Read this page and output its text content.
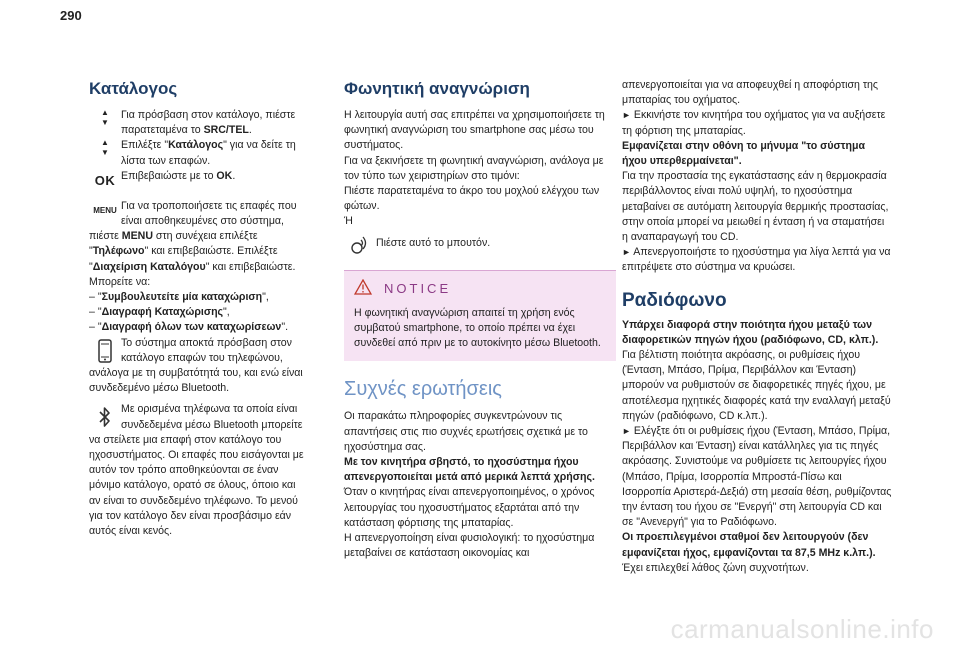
290
Κατάλογος
▲
▼
Για πρόσβαση στον κατάλογο, πιέστε παρατεταμένα το SRC/TEL.
▲
▼
Επιλέξτε "Κατάλογος" για να δείτε τη λίστα των επαφών.
OK Επιβεβαιώστε με το OK.
MENU Για να τροποποιήσετε τις επαφές που είναι αποθηκευμένες στο σύστημα, πιέστε MENU στη συνέχεια επιλέξτε "Τηλέφωνο" και επιβεβαιώστε. Επιλέξτε "Διαχείριση Καταλόγου" και επιβεβαιώστε.

Μπορείτε να:

– "Συμβουλευτείτε μία καταχώριση",
– "Διαγραφή Καταχώρισης",
– "Διαγραφή όλων των καταχωρίσεων".
Το σύστημα αποκτά πρόσβαση στον κατάλογο επαφών του τηλεφώνου, ανάλογα με τη συμβατότητά του, και ενώ είναι συνδεδεμένο μέσω Bluetooth.
Με ορισμένα τηλέφωνα τα οποία είναι συνδεδεμένα μέσω Bluetooth μπορείτε να στείλετε μια επαφή στον κατάλογο του ηχοσυστήματος. Οι επαφές που εισάγονται με αυτόν τον τρόπο αποθηκεύονται σε έναν μόνιμο κατάλογο, ορατό σε όλους, όποιο και αν είναι το συνδεδεμένο τηλέφωνο. Το μενού για τον κατάλογο δεν είναι προσβάσιμο εάν αυτός είναι κενός.
Φωνητική αναγνώριση

Η λειτουργία αυτή σας επιτρέπει να χρησιμοποιήσετε τη φωνητική αναγνώριση του smartphone σας μέσω του συστήματος.

Για να ξεκινήσετε τη φωνητική αναγνώριση, ανάλογα με τον τύπο των χειριστηρίων στο τιμόνι:

Πιέστε παρατεταμένα το άκρο του μοχλού ελέγχου των φώτων.

Ή

Πιέστε αυτό το μπουτόν.
NOTICE

Η φωνητική αναγνώριση απαιτεί τη χρήση ενός συμβατού smartphone, το οποίο πρέπει να έχει συνδεθεί από πριν με το αυτοκίνητο μέσω Bluetooth.

Συχνές ερωτήσεις

Οι παρακάτω πληροφορίες συγκεντρώνουν τις απαντήσεις στις πιο συχνές ερωτήσεις σχετικά με το ηχοσύστημα σας.

Με τον κινητήρα σβηστό, το ηχοσύστημα ήχου απενεργοποιείται μετά από μερικά λεπτά χρήσης.

Όταν ο κινητήρας είναι απενεργοποιημένος, ο χρόνος λειτουργίας του ηχοσυστήματος εξαρτάται από την κατάσταση φόρτισης της μπαταρίας.

Η απενεργοποίηση είναι φυσιολογική: το ηχοσύστημα μεταβαίνει σε κατάσταση οικονομίας και

απενεργοποιείται για να αποφευχθεί η αποφόρτιση της μπαταρίας του οχήματος.

► Εκκινήστε τον κινητήρα του οχήματος για να αυξήσετε τη φόρτιση της μπαταρίας.

Εμφανίζεται στην οθόνη το μήνυμα "το σύστημα ήχου υπερθερμαίνεται".

Για την προστασία της εγκατάστασης εάν η θερμοκρασία περιβάλλοντος είναι πολύ υψηλή, το ηχοσύστημα μεταβαίνει σε αυτόματη λειτουργία θερμικής προστασίας, στην οποία μπορεί να μειωθεί η ένταση ή να σταματήσει η αναπαραγωγή του CD.

► Απενεργοποιήστε το ηχοσύστημα για λίγα λεπτά για να επιτρέψετε στο σύστημα να κρυώσει.

Ραδιόφωνο

Υπάρχει διαφορά στην ποιότητα ήχου μεταξύ των διαφορετικών πηγών ήχου (ραδιόφωνο, CD, κλπ.).

Για βέλτιστη ποιότητα ακρόασης, οι ρυθμίσεις ήχου (Ένταση, Μπάσο, Πρίμα, Περιβάλλον και Ένταση) μπορούν να ρυθμιστούν σε διαφορετικές πηγές ήχου, με αποτέλεσμα ηχητικές διαφορές κατά την εναλλαγή μεταξύ πηγών (ραδιόφωνο, CD κ.λπ.).

► Ελέγξτε ότι οι ρυθμίσεις ήχου (Ένταση, Μπάσο, Πρίμα, Περιβάλλον και Ένταση) είναι κατάλληλες για τις πηγές ακρόασης. Συνιστούμε να ρυθμίσετε τις λειτουργίες ήχου (Μπάσο, Πρίμα, Ισορροπία Μπροστά-Πίσω και Ισορροπία Αριστερά-Δεξιά) στη μεσαία θέση, ρυθμίζοντας την ένταση του ήχου σε "Ενεργή" στη λειτουργία CD και σε "Ανενεργή" για το Ραδιόφωνο.

Οι προεπιλεγμένοι σταθμοί δεν λειτουργούν (δεν εμφανίζεται ήχος, εμφανίζονται τα 87,5 MHz κ.λπ.).

Έχει επιλεχθεί λάθος ζώνη συχνοτήτων.

carmanualsonline.info
